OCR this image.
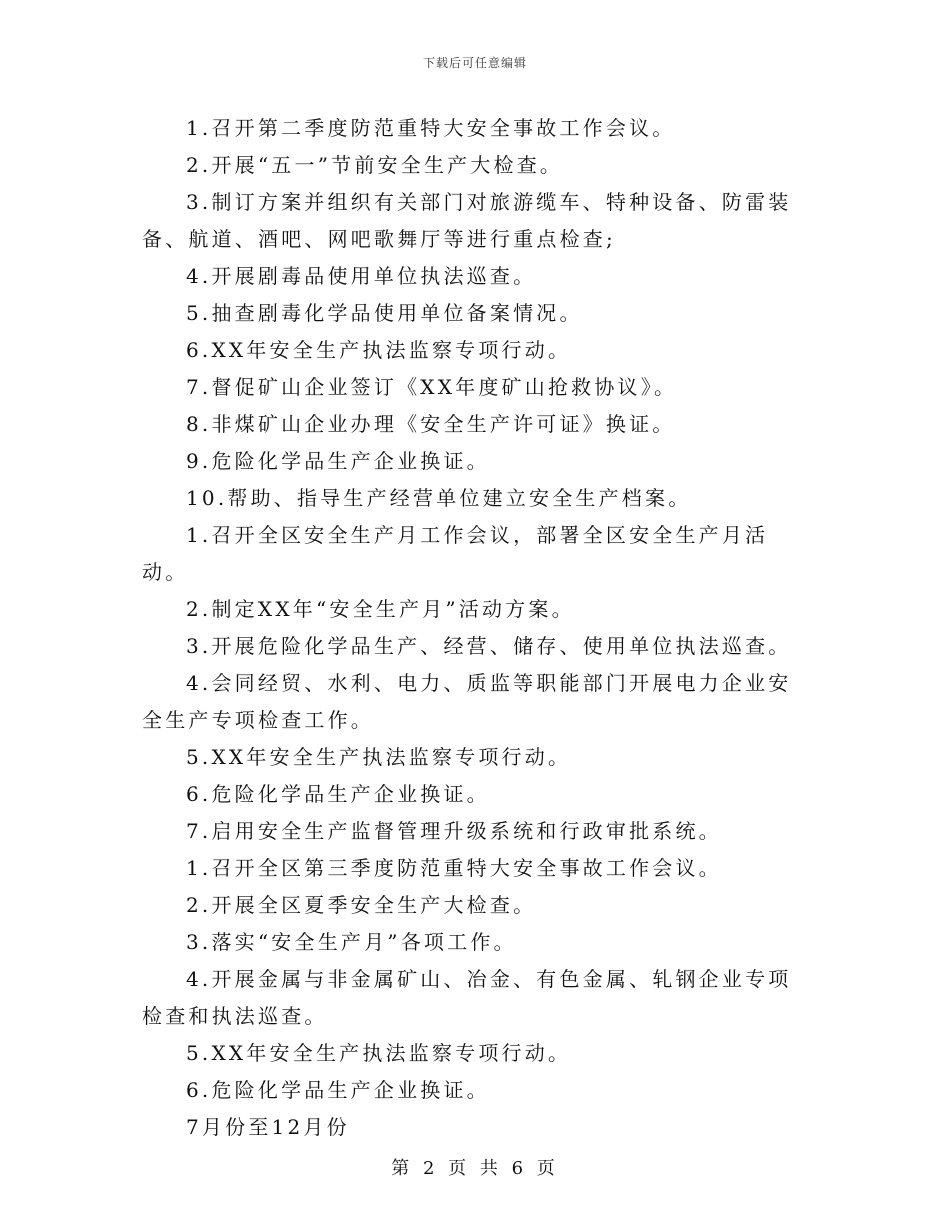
下载后可任意编辑

1.召开第二季度防范重特大安全事故工作会议。

2.开展“五一”节前安全生产大检查。

3.制订方案并组织有关部门对旅游缆车、特种设备、防雷装备、航道、酒吧、网吧歌舞厅等进行重点检查;

4.开展剧毒品使用单位执法巡查。

5.抽查剧毒化学品使用单位备案情况。

6.XX年安全生产执法监察专项行动。

7.督促矿山企业签订《XX年度矿山抢救协议》。

8.非煤矿山企业办理《安全生产许可证》换证。

9.危险化学品生产企业换证。

10.帮助、指导生产经营单位建立安全生产档案。

1.召开全区安全生产月工作会议，部署全区安全生产月活动。

2.制定XX年“安全生产月”活动方案。

3.开展危险化学品生产、经营、储存、使用单位执法巡查。

4.会同经贸、水利、电力、质监等职能部门开展电力企业安全生产专项检查工作。

5.XX年安全生产执法监察专项行动。

6.危险化学品生产企业换证。

7.启用安全生产监督管理升级系统和行政审批系统。

1.召开全区第三季度防范重特大安全事故工作会议。

2.开展全区夏季安全生产大检查。

3.落实“安全生产月”各项工作。

4.开展金属与非金属矿山、冶金、有色金属、轧钢企业专项检查和执法巡查。

5.XX年安全生产执法监察专项行动。

6.危险化学品生产企业换证。

7月份至12月份

第 2 页 共 6 页
